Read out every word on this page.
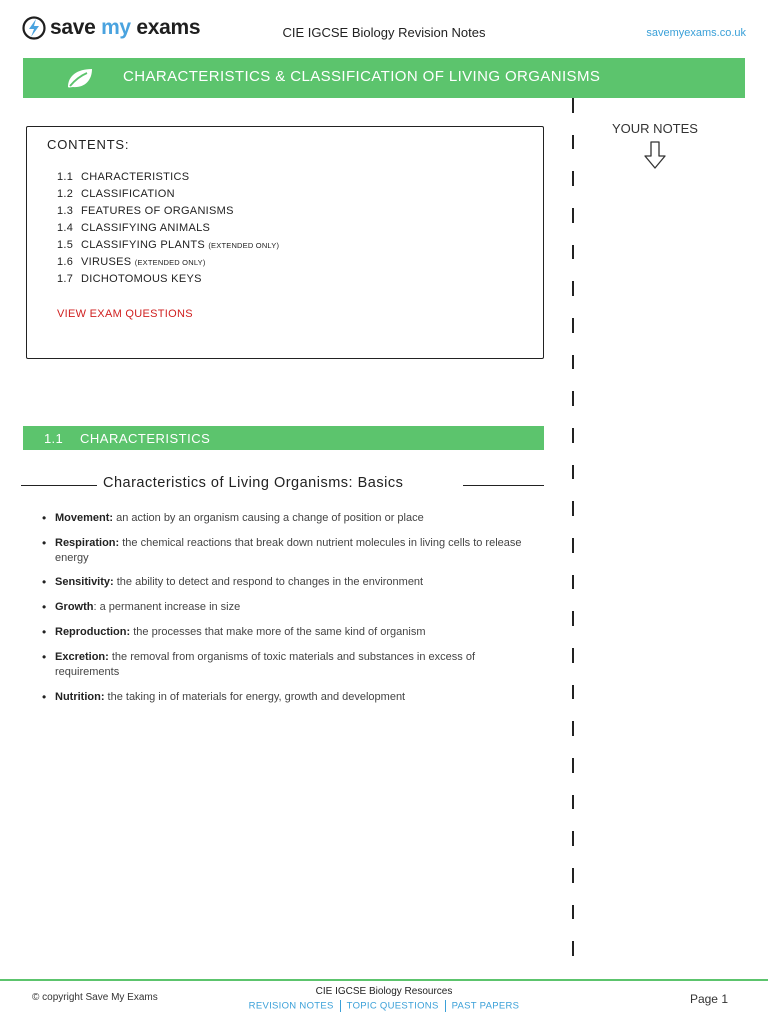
save my exams	CIE IGCSE Biology Revision Notes	savemyexams.co.uk
CHARACTERISTICS & CLASSIFICATION OF LIVING ORGANISMS
YOUR NOTES
CONTENTS:
1.1 CHARACTERISTICS
1.2 CLASSIFICATION
1.3 FEATURES OF ORGANISMS
1.4 CLASSIFYING ANIMALS
1.5 CLASSIFYING PLANTS (EXTENDED ONLY)
1.6 VIRUSES (EXTENDED ONLY)
1.7 DICHOTOMOUS KEYS
VIEW EXAM QUESTIONS
1.1 CHARACTERISTICS
Characteristics of Living Organisms: Basics
• Movement: an action by an organism causing a change of position or place
• Respiration: the chemical reactions that break down nutrient molecules in living cells to release energy
• Sensitivity: the ability to detect and respond to changes in the environment
• Growth: a permanent increase in size
• Reproduction: the processes that make more of the same kind of organism
• Excretion: the removal from organisms of toxic materials and substances in excess of requirements
• Nutrition: the taking in of materials for energy, growth and development
© copyright Save My Exams
CIE IGCSE Biology Resources
REVISION NOTES TOPIC QUESTIONS PAST PAPERS
Page 1
